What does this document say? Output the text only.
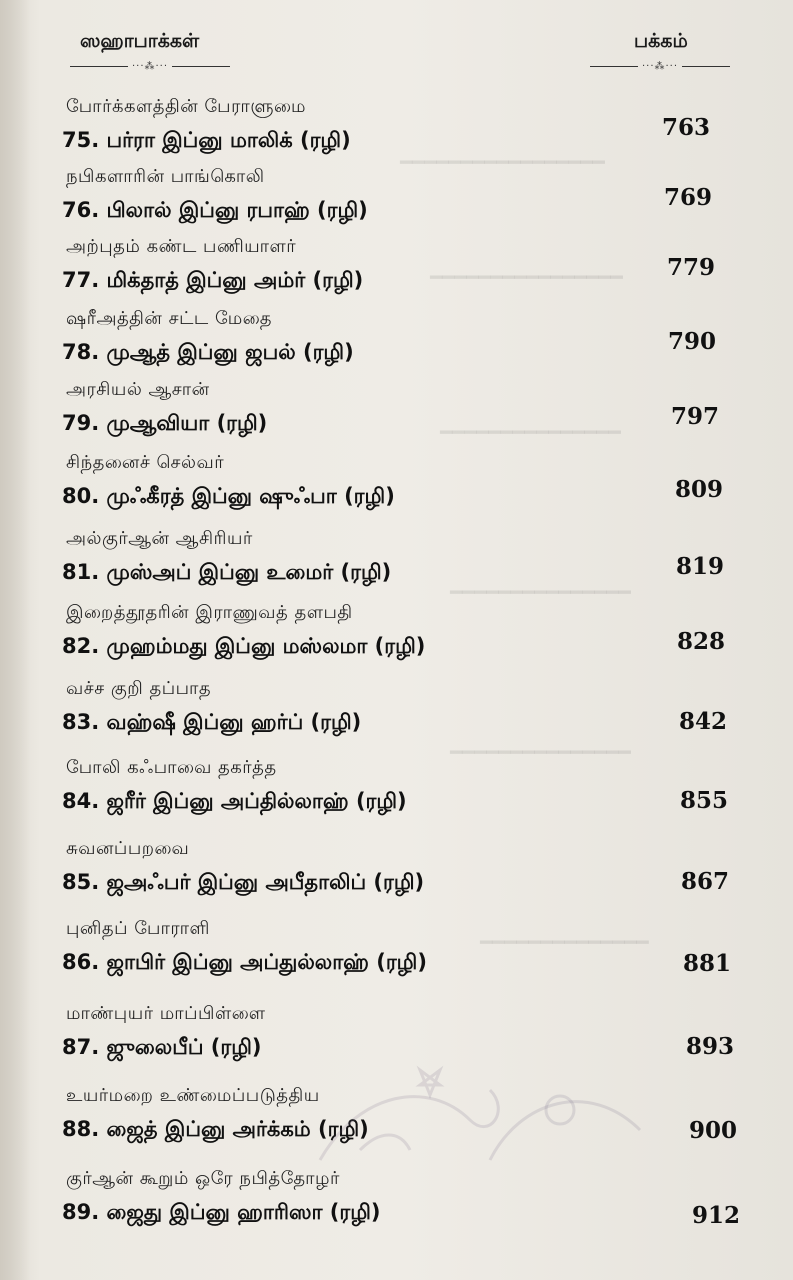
━━━━━━━━━━━━━━━━━
━━━━━━━━━━━━━━━━
━━━━━━━━━━━━━━━
━━━━━━━━━━━━━━━
━━━━━━━━━━━━━━━
━━━━━━━━━━━━━━
ஸஹாபாக்கள்	பக்கம்
···⁂···	···⁂···
போர்க்களத்தின் பேராளுமை
75. பர்ரா இப்னு மாலிக் (ரழி)	763
நபிகளாரின் பாங்கொலி
76. பிலால் இப்னு ரபாஹ் (ரழி)	769
அற்புதம் கண்ட பணியாளர்
77. மிக்தாத் இப்னு அம்ர் (ரழி)	779
ஷரீஅத்தின் சட்ட மேதை
78. முஆத் இப்னு ஜபல் (ரழி)	790
அரசியல் ஆசான்
79. முஆவியா (ரழி)	797
சிந்தனைச் செல்வர்
80. முஃகீரத் இப்னு ஷுஃபா (ரழி)	809
அல்குர்ஆன் ஆசிரியர்
81. முஸ்அப் இப்னு உமைர் (ரழி)	819
இறைத்தூதரின் இராணுவத் தளபதி
82. முஹம்மது இப்னு மஸ்லமா (ரழி)	828
வச்ச குறி தப்பாத
83. வஹ்ஷீ இப்னு ஹர்ப் (ரழி)	842
போலி கஃபாவை தகர்த்த
84. ஜரீர் இப்னு அப்தில்லாஹ் (ரழி)	855
சுவனப்பறவை
85. ஜஅஃபர் இப்னு அபீதாலிப் (ரழி)	867
புனிதப் போராளி
86. ஜாபிர் இப்னு அப்துல்லாஹ் (ரழி)	881
மாண்புயர் மாப்பிள்ளை
87. ஜுலைபீப் (ரழி)	893
உயர்மறை உண்மைப்படுத்திய
88. ஜைத் இப்னு அர்க்கம் (ரழி)	900
குர்ஆன் கூறும் ஒரே நபித்தோழர்
89. ஜைது இப்னு ஹாரிஸா (ரழி)	912
